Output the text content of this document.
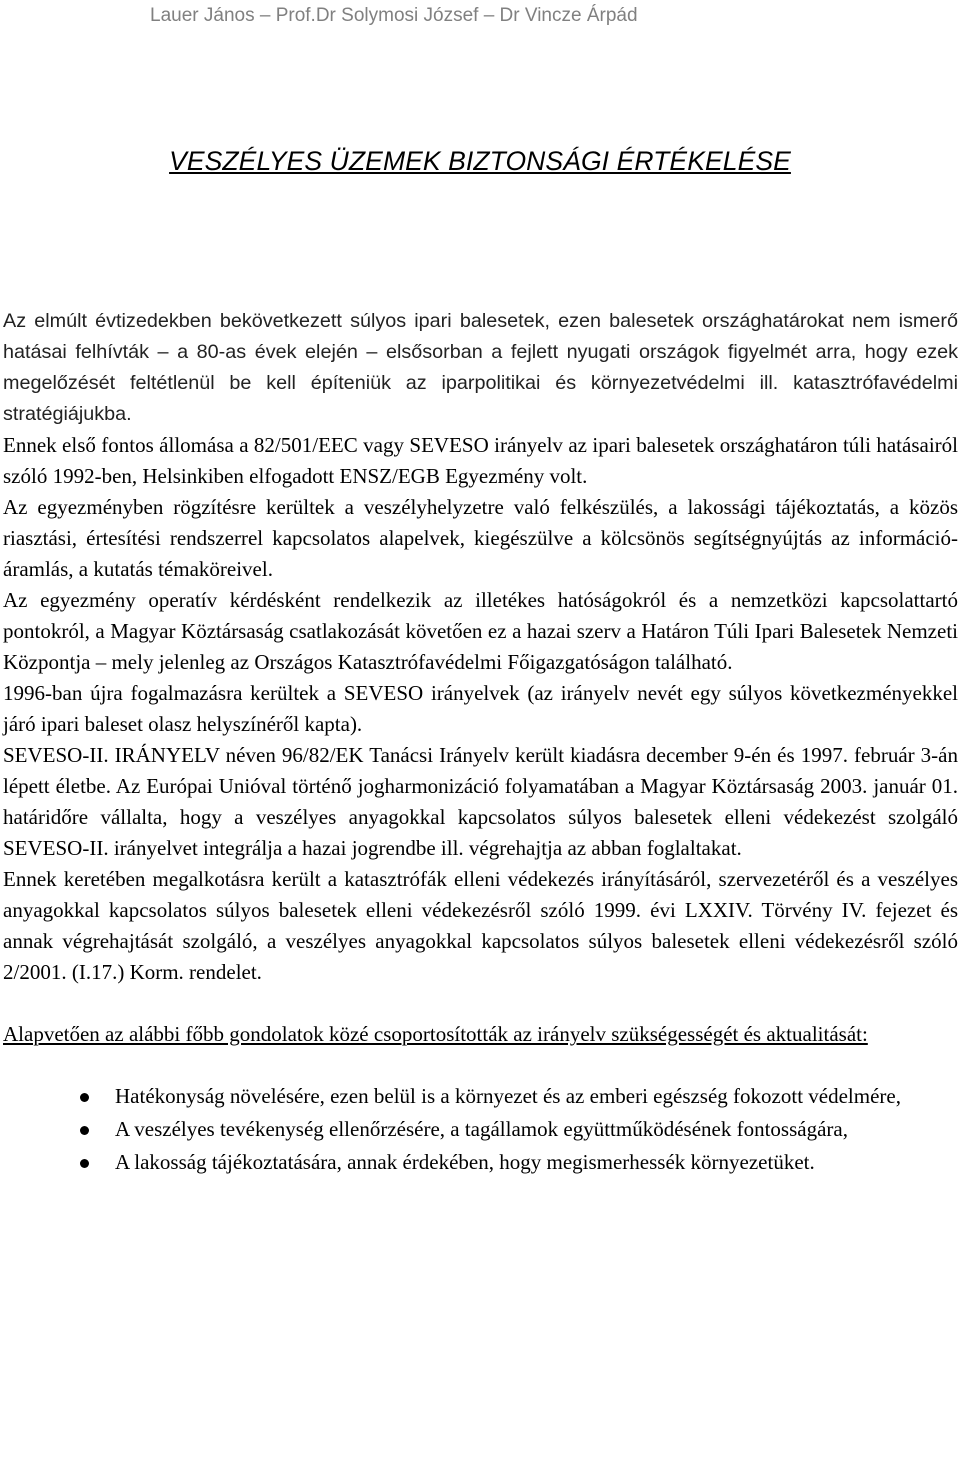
Lauer János – Prof.Dr Solymosi József – Dr Vincze Árpád
VESZÉLYES ÜZEMEK BIZTONSÁGI ÉRTÉKELÉSE

Az elmúlt évtizedekben bekövetkezett súlyos ipari balesetek, ezen balesetek országhatárokat nem ismerő hatásai felhívták – a 80-as évek elején – elsősorban a fejlett nyugati országok figyelmét arra, hogy ezek megelőzését feltétlenül be kell építeniük az iparpolitikai és környezetvédelmi ill. katasztrófavédelmi stratégiájukba.

Ennek első fontos állomása a 82/501/EEC vagy SEVESO irányelv az ipari balesetek országhatáron túli hatásairól szóló 1992-ben, Helsinkiben elfogadott ENSZ/EGB Egyezmény volt.

Az egyezményben rögzítésre kerültek a veszélyhelyzetre való felkészülés, a lakossági tájékoztatás, a közös riasztási, értesítési rendszerrel kapcsolatos alapelvek, kiegészülve a kölcsönös segítségnyújtás az információ-áramlás, a kutatás témaköreivel.

Az egyezmény operatív kérdésként rendelkezik az illetékes hatóságokról és a nemzetközi kapcsolattartó pontokról, a Magyar Köztársaság csatlakozását követően ez a hazai szerv a Határon Túli Ipari Balesetek Nemzeti Központja – mely jelenleg az Országos Katasztrófavédelmi Főigazgatóságon található.

1996-ban újra fogalmazásra kerültek a SEVESO irányelvek (az irányelv nevét egy súlyos következményekkel járó ipari baleset olasz helyszínéről kapta).

SEVESO-II. IRÁNYELV néven 96/82/EK Tanácsi Irányelv került kiadásra december 9-én és 1997. február 3-án lépett életbe. Az Európai Unióval történő jogharmonizáció folyamatában a Magyar Köztársaság 2003. január 01. határidőre vállalta, hogy a veszélyes anyagokkal kapcsolatos súlyos balesetek elleni védekezést szolgáló SEVESO-II. irányelvet integrálja a hazai jogrendbe ill. végrehajtja az abban foglaltakat.

Ennek keretében megalkotásra került a katasztrófák elleni védekezés irányításáról, szervezetéről és a veszélyes anyagokkal kapcsolatos súlyos balesetek elleni védekezésről szóló 1999. évi LXXIV. Törvény IV. fejezet és annak végrehajtását szolgáló, a veszélyes anyagokkal kapcsolatos súlyos balesetek elleni védekezésről szóló 2/2001. (I.17.) Korm. rendelet.

Alapvetően az alábbi főbb gondolatok közé csoportosították az irányelv szükségességét és aktualitását:

Hatékonyság növelésére, ezen belül is a környezet és az emberi egészség fokozott védelmére,
A veszélyes tevékenység ellenőrzésére, a tagállamok együttműködésének fontosságára,
A lakosság tájékoztatására, annak érdekében, hogy megismerhessék környezetüket.
